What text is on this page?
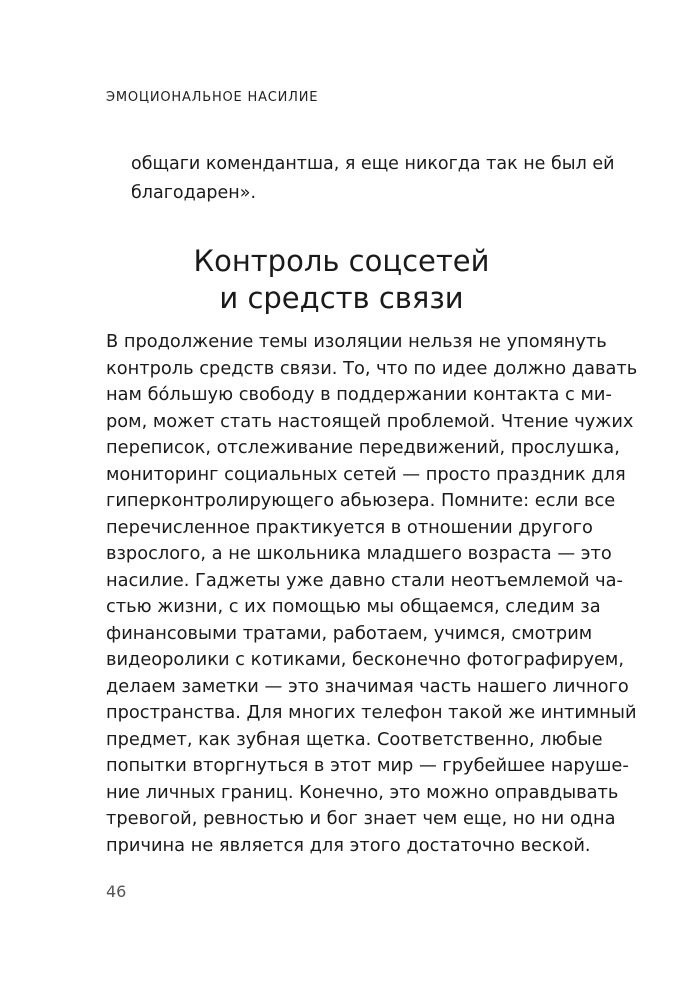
ЭМОЦИОНАЛЬНОЕ НАСИЛИЕ
общаги комендантша, я еще никогда так не был ей
благодарен».
Контроль соцсетей
и средств связи
В продолжение темы изоляции нельзя не упомянуть
контроль средств связи. То, что по идее должно давать
нам бóльшую свободу в поддержании контакта с ми-
ром, может стать настоящей проблемой. Чтение чужих
переписок, отслеживание передвижений, прослушка,
мониторинг социальных сетей — просто праздник для
гиперконтролирующего абьюзера. Помните: если все
перечисленное практикуется в отношении другого
взрослого, а не школьника младшего возраста — это
насилие. Гаджеты уже давно стали неотъемлемой ча-
стью жизни, с их помощью мы общаемся, следим за
финансовыми тратами, работаем, учимся, смотрим
видеоролики с котиками, бесконечно фотографируем,
делаем заметки — это значимая часть нашего личного
пространства. Для многих телефон такой же интимный
предмет, как зубная щетка. Соответственно, любые
попытки вторгнуться в этот мир — грубейшее наруше-
ние личных границ. Конечно, это можно оправдывать
тревогой, ревностью и бог знает чем еще, но ни одна
причина не является для этого достаточно веской.
46
